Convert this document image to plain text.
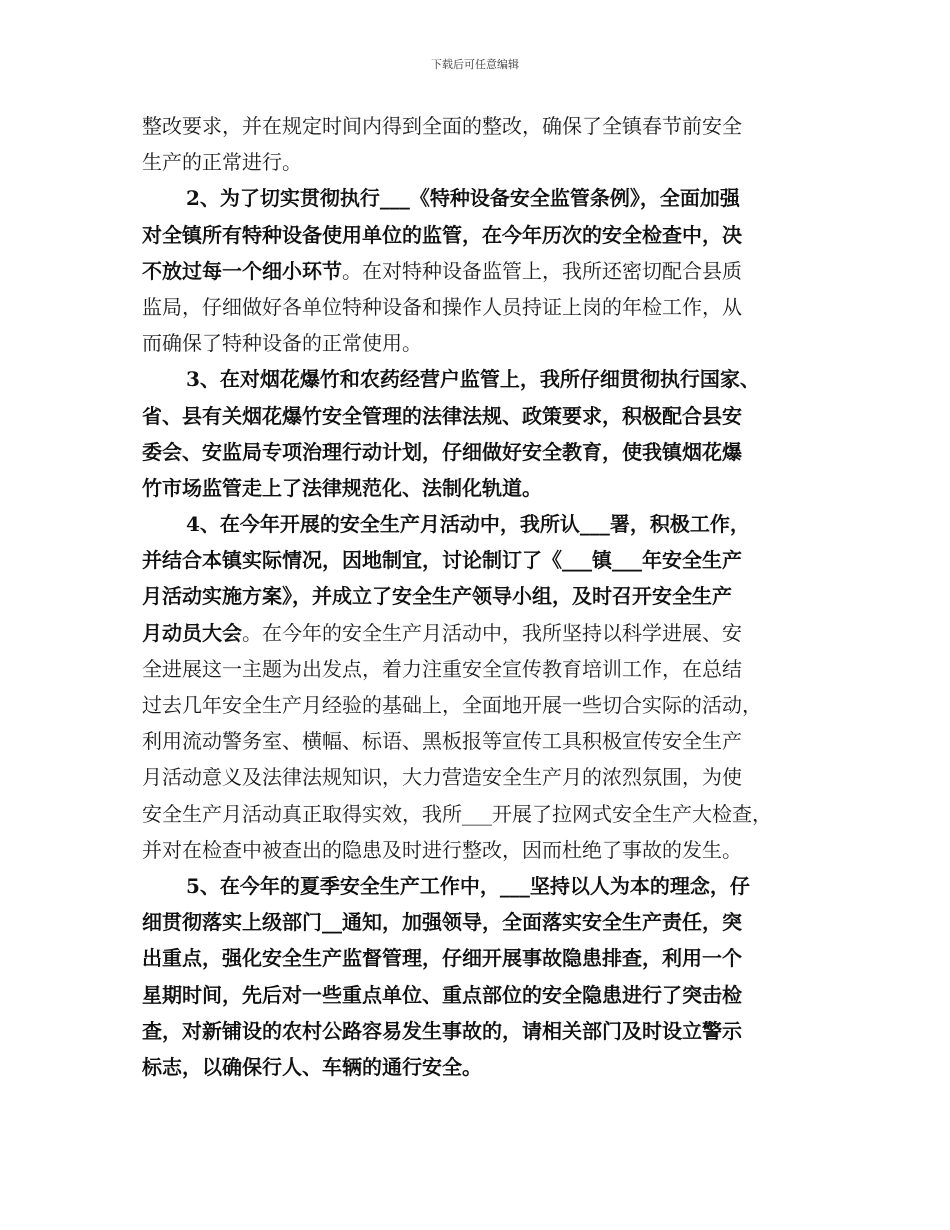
下载后可任意编辑
整改要求，并在规定时间内得到全面的整改，确保了全镇春节前安全
生产的正常进行。
2、为了切实贯彻执行___《特种设备安全监管条例》，全面加强
对全镇所有特种设备使用单位的监管，在今年历次的安全检查中，决
不放过每一个细小环节。在对特种设备监管上，我所还密切配合县质
监局，仔细做好各单位特种设备和操作人员持证上岗的年检工作，从
而确保了特种设备的正常使用。
3、在对烟花爆竹和农药经营户监管上，我所仔细贯彻执行国家、
省、县有关烟花爆竹安全管理的法律法规、政策要求，积极配合县安
委会、安监局专项治理行动计划，仔细做好安全教育，使我镇烟花爆
竹市场监管走上了法律规范化、法制化轨道。
4、在今年开展的安全生产月活动中，我所认___署，积极工作，
并结合本镇实际情况，因地制宜，讨论制订了《___镇___年安全生产
月活动实施方案》，并成立了安全生产领导小组，及时召开安全生产
月动员大会。在今年的安全生产月活动中，我所坚持以科学进展、安
全进展这一主题为出发点，着力注重安全宣传教育培训工作，在总结
过去几年安全生产月经验的基础上，全面地开展一些切合实际的活动，
利用流动警务室、横幅、标语、黑板报等宣传工具积极宣传安全生产
月活动意义及法律法规知识，大力营造安全生产月的浓烈氛围，为使
安全生产月活动真正取得实效，我所___开展了拉网式安全生产大检查，
并对在检查中被查出的隐患及时进行整改，因而杜绝了事故的发生。
5、在今年的夏季安全生产工作中，___坚持以人为本的理念，仔
细贯彻落实上级部门__通知，加强领导，全面落实安全生产责任，突
出重点，强化安全生产监督管理，仔细开展事故隐患排查，利用一个
星期时间，先后对一些重点单位、重点部位的安全隐患进行了突击检
查，对新铺设的农村公路容易发生事故的，请相关部门及时设立警示
标志，以确保行人、车辆的通行安全。
